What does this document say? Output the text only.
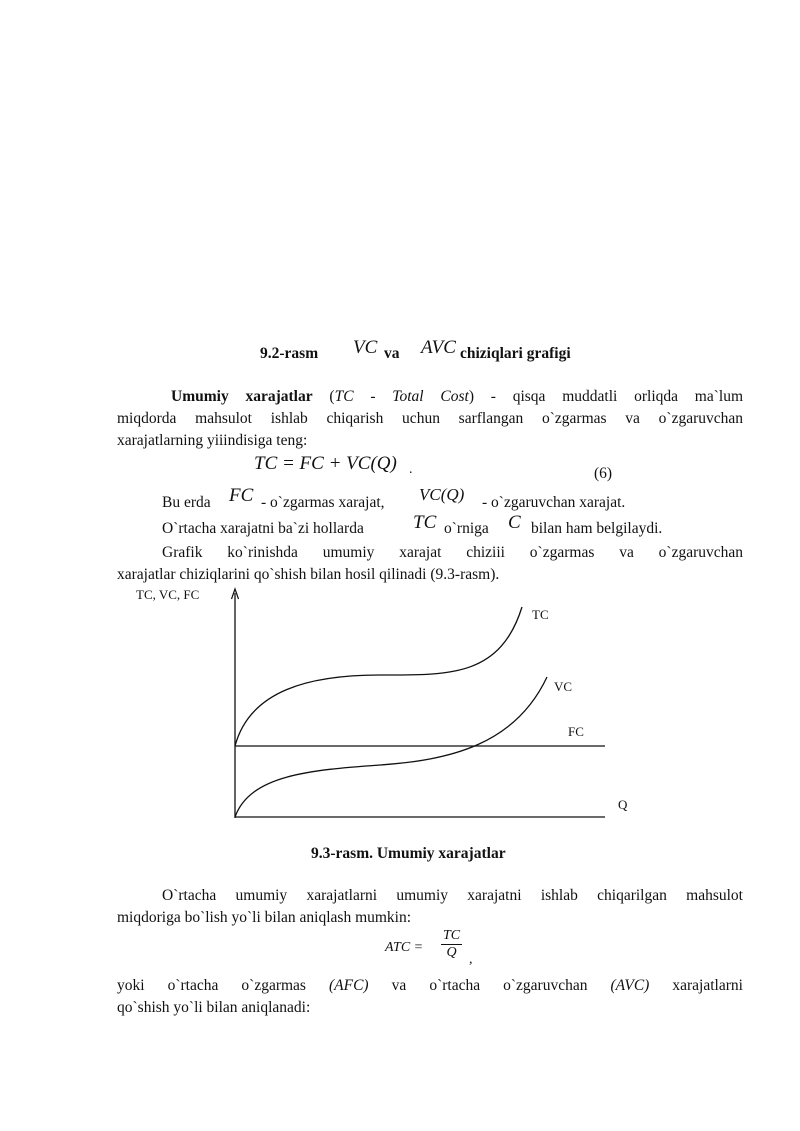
9.2-rasm VC va AVC chiziqlari grafigi
Umumiy xarajatlar (TC - Total Cost) - qisqa muddatli orliqda ma`lum
miqdorda mahsulot ishlab chiqarish uchun sarflangan o`zgarmas va o`zgaruvchan
xarajatlarning yiiindisiga teng:
TC = FC + VC(Q) .	(6)
Bu erda FC - o`zgarmas xarajat, VC(Q) - o`zgaruvchan xarajat.
O`rtacha xarajatni ba`zi hollarda	TC o`rniga C bilan ham belgilaydi.
Grafik ko`rinishda umumiy xarajat chiziii o`zgarmas va o`zgaruvchan
xarajatlar chiziqlarini qo`shish bilan hosil qilinadi (9.3-rasm).
TC, VC, FC
Q
TC
VC
FC
9.3-rasm. Umumiy xarajatlar
O`rtacha umumiy xarajatlarni umumiy xarajatni ishlab chiqarilgan mahsulot
miqdoriga bo`lish yo`li bilan aniqlash mumkin:
ATC = $\frac{TC}{Q}$ ,
yoki o`rtacha o`zgarmas (AFC) va o`rtacha o`zgaruvchan (AVC) xarajatlarni
qo`shish yo`li bilan aniqlanadi:
